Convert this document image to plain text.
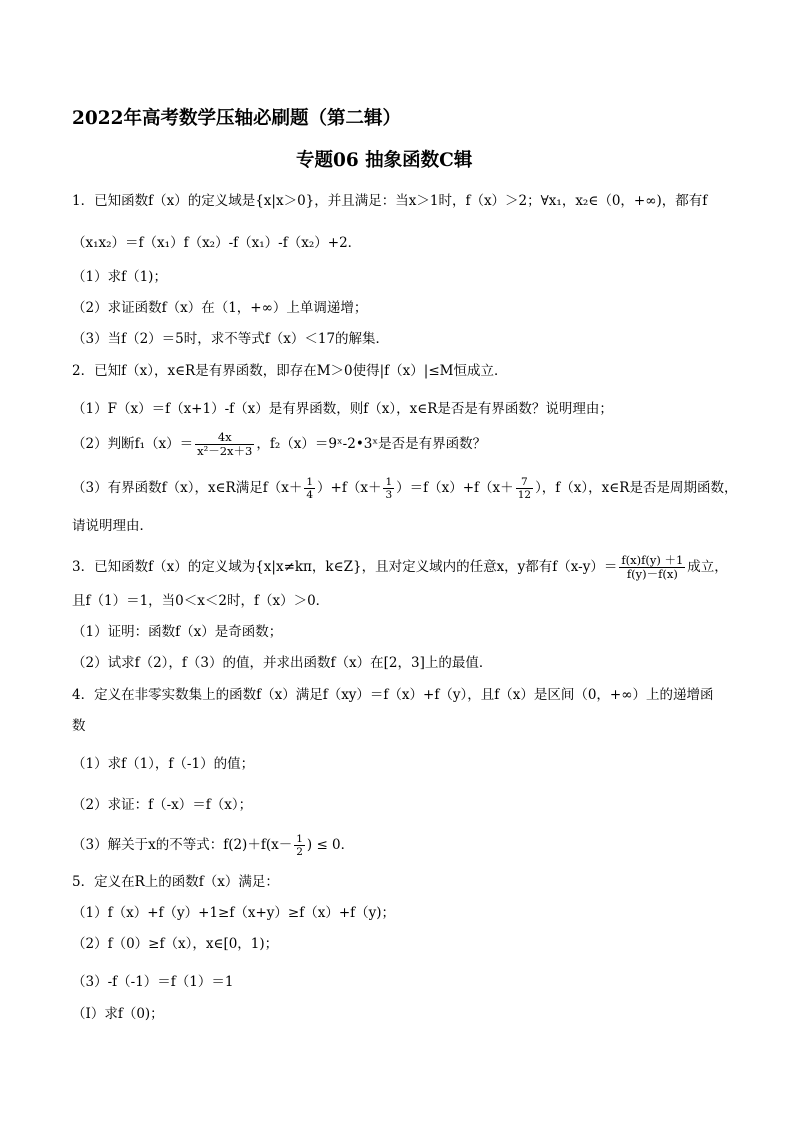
2022年高考数学压轴必刷题（第二辑）
专题06 抽象函数C辑
1．已知函数f（x）的定义域是{x|x＞0}，并且满足：当x＞1时，f（x）＞2；∀x₁，x₂∈（0，+∞)，都有f
（x₁x₂）＝f（x₁）f（x₂）-f（x₁）-f（x₂）+2．
（1）求f（1)；
（2）求证函数f（x）在（1，+∞）上单调递增；
（3）当f（2）＝5时，求不等式f（x）＜17的解集．
2．已知f（x），x∈R是有界函数，即存在M＞0使得|f（x）|≤M恒成立．
（1）F（x）＝f（x+1）-f（x）是有界函数，则f（x），x∈R是否是有界函数？说明理由；
（2）判断$f_1(x)= \frac{4x}{\text{x²－2x＋3}}$ ，f₂（x）＝9ˣ-2•3ˣ是否是有界函数？
（3）有界函数f（x），x∈R满足$f(x+ \frac{1}{4} )+f(x+ \frac{1}{3} )=f(x)+f(x+ \frac{7}{12}$ ），f（x），x∈R是否是周期函数，
请说明理由．
3．已知函数f（x）的定义域为{x|x≠kπ，k∈Z}，且对定义域内的任意x，y都有$f(x-y)= \frac{f(x)f(y) +1}{f(y)-f(x)}$ 成立，
且f（1）＝1，当0＜x＜2时，f（x）＞0．
（1）证明：函数f（x）是奇函数；
（2）试求f（2），f（3）的值，并求出函数f（x）在[2，3]上的最值．
4．定义在非零实数集上的函数f（x）满足f（xy）＝f（x）+f（y），且f（x）是区间（0，+∞）上的递增函
数
（1）求f（1），f（-1）的值；
（2）求证：f（-x）＝f（x）；
（3）解关于x的不等式：$f(2)+f(x- \frac{1}{2}$ ) ≤ 0．
5．定义在R上的函数f（x）满足：
（1）f（x）+f（y）+1≥f（x+y）≥f（x）+f（y)；
（2）f（0）≥f（x），x∈[0，1)；
（3）-f（-1）＝f（1）＝1
（Ⅰ）求f（0)；
